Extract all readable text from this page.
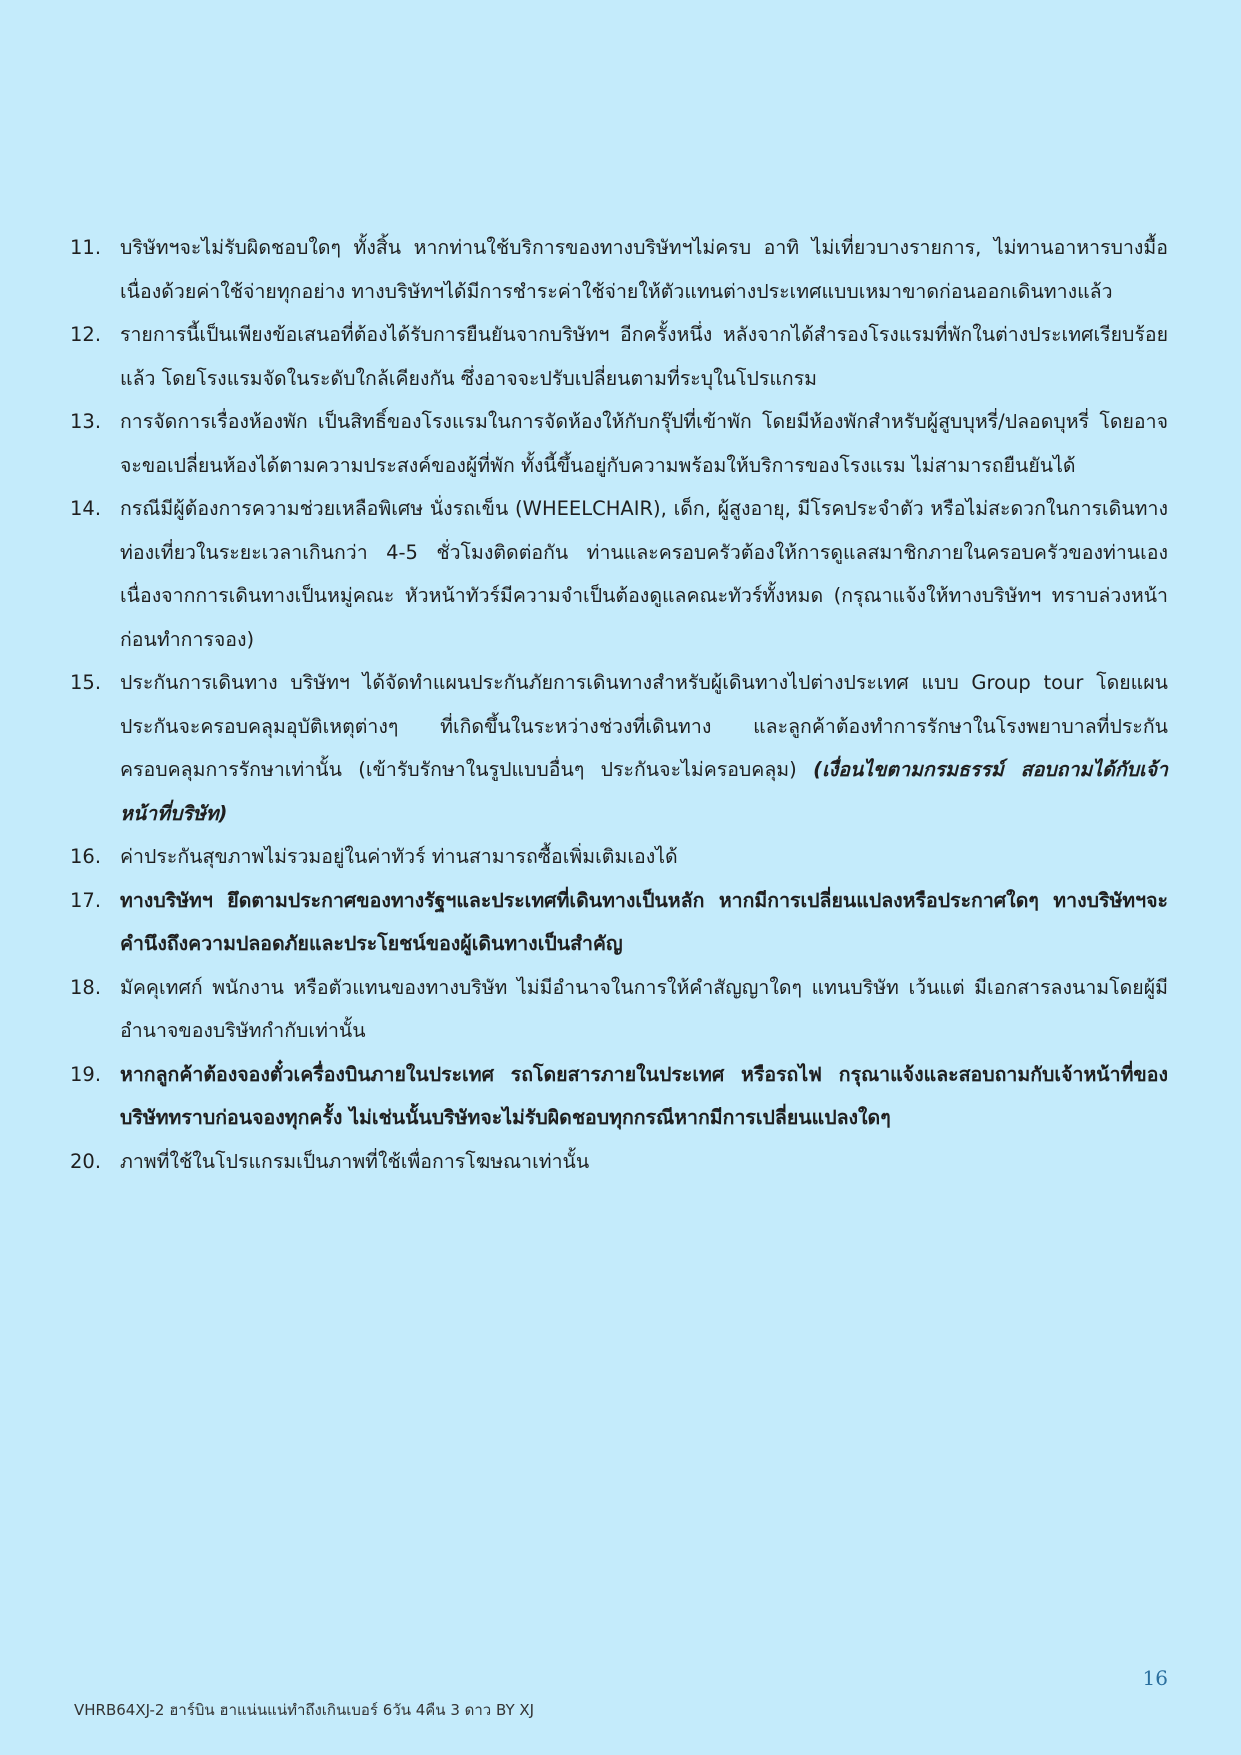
11. บริษัทฯจะไม่รับผิดชอบใดๆ ทั้งสิ้น หากท่านใช้บริการของทางบริษัทฯไม่ครบ อาทิ ไม่เที่ยวบางรายการ, ไม่ทานอาหารบางมื้อ เนื่องด้วยค่าใช้จ่ายทุกอย่าง ทางบริษัทฯได้มีการชำระค่าใช้จ่ายให้ตัวแทนต่างประเทศแบบเหมาขาดก่อนออกเดินทางแล้ว
12. รายการนี้เป็นเพียงข้อเสนอที่ต้องได้รับการยืนยันจากบริษัทฯ อีกครั้งหนึ่ง หลังจากได้สำรองโรงแรมที่พักในต่างประเทศเรียบร้อยแล้ว โดยโรงแรมจัดในระดับใกล้เคียงกัน ซึ่งอาจจะปรับเปลี่ยนตามที่ระบุในโปรแกรม
13. การจัดการเรื่องห้องพัก เป็นสิทธิ์ของโรงแรมในการจัดห้องให้กับกรุ๊ปที่เข้าพัก โดยมีห้องพักสำหรับผู้สูบบุหรี่/ปลอดบุหรี่ โดยอาจจะขอเปลี่ยนห้องได้ตามความประสงค์ของผู้ที่พัก ทั้งนี้ขึ้นอยู่กับความพร้อมให้บริการของโรงแรม ไม่สามารถยืนยันได้
14. กรณีมีผู้ต้องการความช่วยเหลือพิเศษ นั่งรถเข็น (WHEELCHAIR), เด็ก, ผู้สูงอายุ, มีโรคประจำตัว หรือไม่สะดวกในการเดินทางท่องเที่ยวในระยะเวลาเกินกว่า 4-5 ชั่วโมงติดต่อกัน ท่านและครอบครัวต้องให้การดูแลสมาชิกภายในครอบครัวของท่านเอง เนื่องจากการเดินทางเป็นหมู่คณะ หัวหน้าทัวร์มีความจำเป็นต้องดูแลคณะทัวร์ทั้งหมด (กรุณาแจ้งให้ทางบริษัทฯ ทราบล่วงหน้าก่อนทำการจอง)
15. ประกันการเดินทาง บริษัทฯ ได้จัดทำแผนประกันภัยการเดินทางสำหรับผู้เดินทางไปต่างประเทศ แบบ Group tour โดยแผนประกันจะครอบคลุมอุบัติเหตุต่างๆ ที่เกิดขึ้นในระหว่างช่วงที่เดินทาง และลูกค้าต้องทำการรักษาในโรงพยาบาลที่ประกันครอบคลุมการรักษาเท่านั้น (เข้ารับรักษาในรูปแบบอื่นๆ ประกันจะไม่ครอบคลุม) (เงื่อนไขตามกรมธรรม์ สอบถามได้กับเจ้าหน้าที่บริษัท)
16. ค่าประกันสุขภาพไม่รวมอยู่ในค่าทัวร์ ท่านสามารถซื้อเพิ่มเติมเองได้
17. ทางบริษัทฯ ยึดตามประกาศของทางรัฐฯและประเทศที่เดินทางเป็นหลัก หากมีการเปลี่ยนแปลงหรือประกาศใดๆ ทางบริษัทฯจะคำนึงถึงความปลอดภัยและประโยชน์ของผู้เดินทางเป็นสำคัญ
18. มัคคุเทศก์ พนักงาน หรือตัวแทนของทางบริษัท ไม่มีอำนาจในการให้คำสัญญาใดๆ แทนบริษัท เว้นแต่ มีเอกสารลงนามโดยผู้มีอำนาจของบริษัทกำกับเท่านั้น
19. หากลูกค้าต้องจองตั๋วเครื่องบินภายในประเทศ รถโดยสารภายในประเทศ หรือรถไฟ กรุณาแจ้งและสอบถามกับเจ้าหน้าที่ของบริษัททราบก่อนจองทุกครั้ง ไม่เช่นนั้นบริษัทจะไม่รับผิดชอบทุกกรณีหากมีการเปลี่ยนแปลงใดๆ
20. ภาพที่ใช้ในโปรแกรมเป็นภาพที่ใช้เพื่อการโฆษณาเท่านั้น
16
VHRB64XJ-2 ฮาร์บิน ฮาแน่นแน่ทำถึงเกินเบอร์ 6วัน 4คืน 3 ดาว BY XJ
